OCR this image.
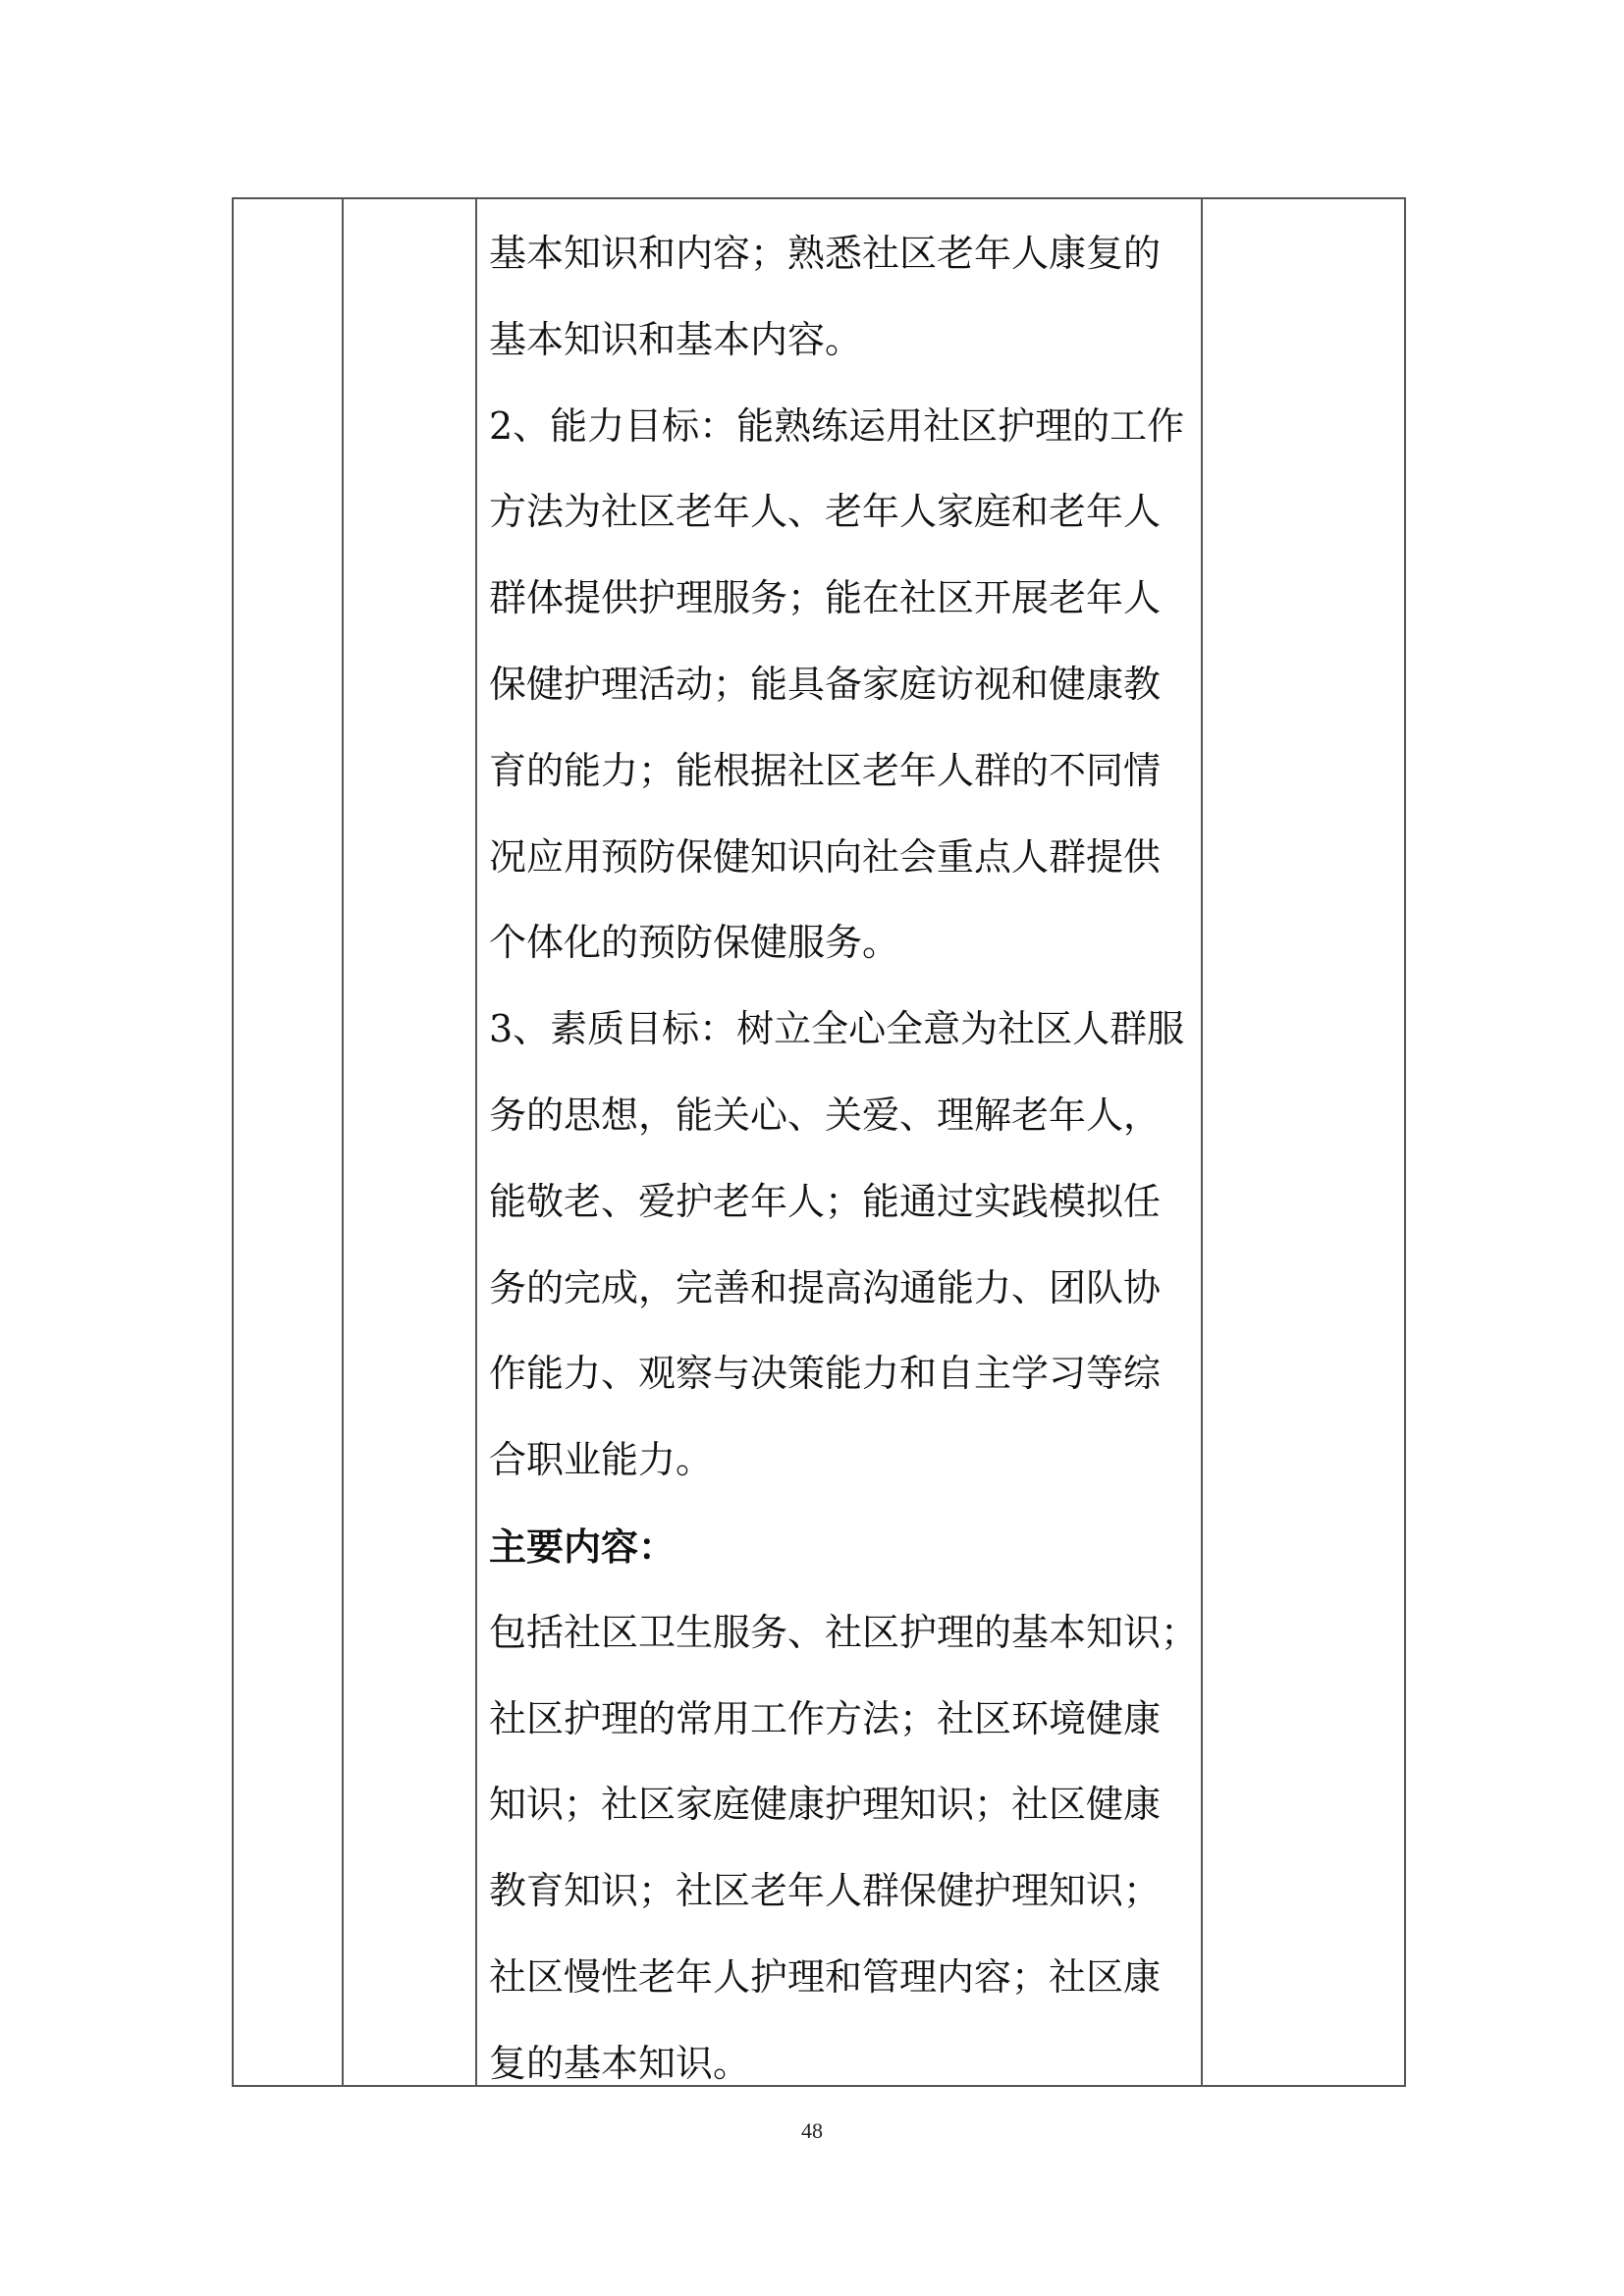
基本知识和内容；熟悉社区老年人康复的
基本知识和基本内容。
2、能力目标：能熟练运用社区护理的工作
方法为社区老年人、老年人家庭和老年人
群体提供护理服务；能在社区开展老年人
保健护理活动；能具备家庭访视和健康教
育的能力；能根据社区老年人群的不同情
况应用预防保健知识向社会重点人群提供
个体化的预防保健服务。
3、素质目标：树立全心全意为社区人群服
务的思想，能关心、关爱、理解老年人，
能敬老、爱护老年人；能通过实践模拟任
务的完成，完善和提高沟通能力、团队协
作能力、观察与决策能力和自主学习等综
合职业能力。
主要内容：
包括社区卫生服务、社区护理的基本知识；
社区护理的常用工作方法；社区环境健康
知识；社区家庭健康护理知识；社区健康
教育知识；社区老年人群保健护理知识；
社区慢性老年人护理和管理内容；社区康
复的基本知识。
48
